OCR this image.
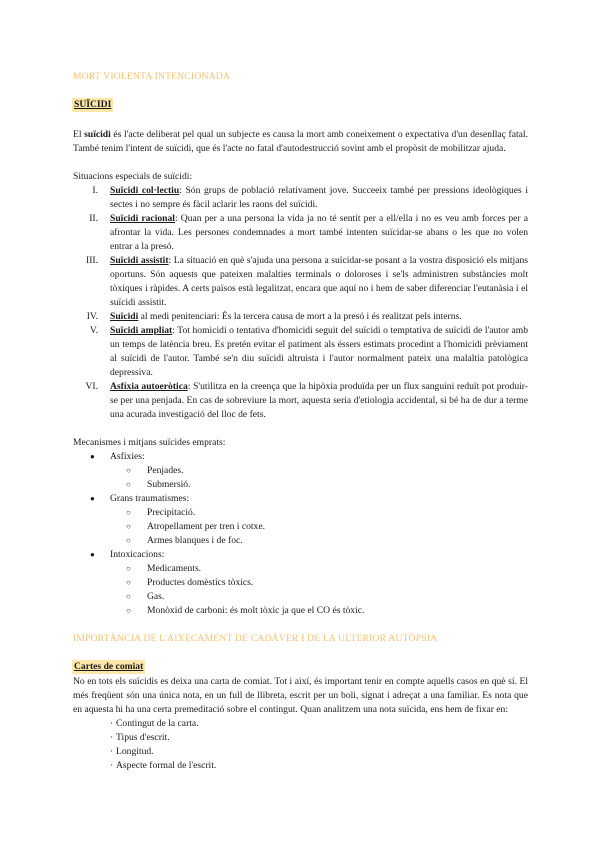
MORT VIOLENTA INTENCIONADA
SUÏCIDI

El suïcidi és l'acte deliberat pel qual un subjecte es causa la mort amb coneixement o expectativa d'un desenllaç fatal. També tenim l'intent de suïcidi, que és l'acte no fatal d'autodestrucció sovint amb el propòsit de mobilitzar ajuda.

Situacions especials de suïcidi:

I. Suïcidi col·lectiu: Són grups de població relativament jove. Succeeix també per pressions ideològiques i sectes i no sempre és fàcil aclarir les raons del suïcidi.
II. Suïcidi racional: Quan per a una persona la vida ja no té sentit per a ell/ella i no es veu amb forces per a afrontar la vida. Les persones condemnades a mort també intenten suïcidar-se abans o les que no volen entrar a la presó.
III. Suïcidi assistit: La situació en què s'ajuda una persona a suïcidar-se posant a la vostra disposició els mitjans oportuns. Són aquests que pateixen malalties terminals o doloroses i se'ls administren substàncies molt tòxiques i ràpides. A certs països està legalitzat, encara que aquí no i hem de saber diferenciar l'eutanàsia i el suïcidi assistit.
IV. Suïcidi al medi penitenciari: És la tercera causa de mort a la presó i és realitzat pels interns.
V. Suïcidi ampliat: Tot homicidi o tentativa d'homicidi seguit del suïcidi o temptativa de suïcidi de l'autor amb un temps de latència breu. Es pretén evitar el patiment als éssers estimats procedint a l'homicidi prèviament al suïcidi de l'autor. També se'n diu suïcidi altruista i l'autor normalment pateix una malaltia patològica depressiva.
VI. Asfíxia autoeròtica: S'utilitza en la creença que la hipòxia produïda per un flux sanguini reduït pot produir-se per una penjada. En cas de sobreviure la mort, aquesta seria d'etiologia accidental, si bé ha de dur a terme una acurada investigació del lloc de fets.

Mecanismes i mitjans suïcides emprats:

● Asfíxies:
○ Penjades.
○ Submersió.
● Grans traumatismes:
○ Precipitació.
○ Atropellament per tren i cotxe.
○ Armes blanques i de foc.
● Intoxicacions:
○ Medicaments.
○ Productes domèstics tòxics.
○ Gas.
○ Monòxid de carboni: és molt tòxic ja que el CO és tòxic.
IMPORTÀNCIA DE L'AIXECAMENT DE CADÀVER I DE LA ULTERIOR AUTÒPSIA
Cartes de comiat

No en tots els suïcidis es deixa una carta de comiat. Tot i així, és important tenir en compte aquells casos en què sí. El més freqüent són una única nota, en un full de llibreta, escrit per un boli, signat i adreçat a una familiar. Es nota que en aquesta hi ha una certa premeditació sobre el contingut. Quan analitzem una nota suïcida, ens hem de fixar en:

· Contingut de la carta.
· Tipus d'escrit.
· Longitud.
· Aspecte formal de l'escrit.
